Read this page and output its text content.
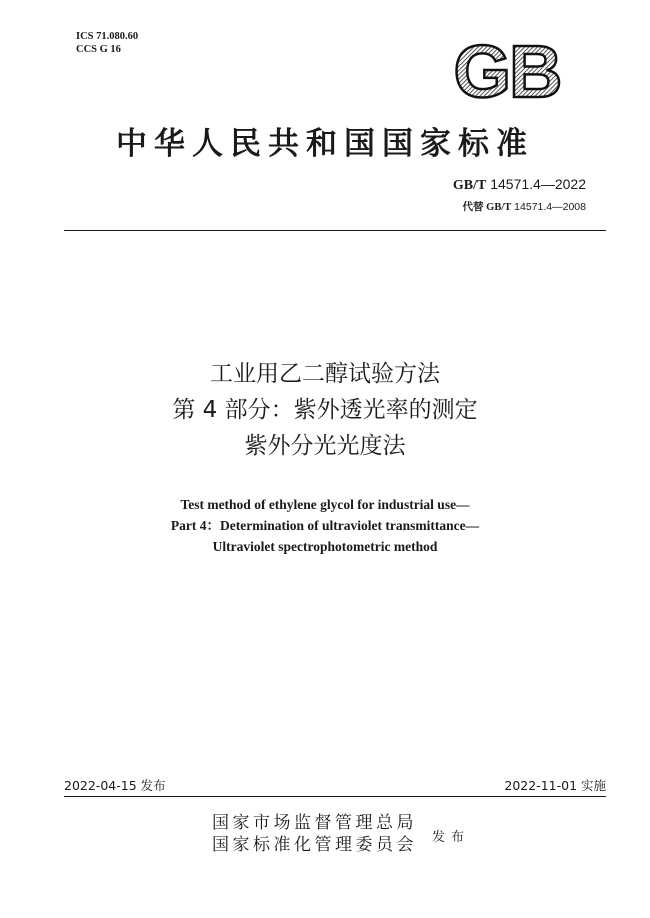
ICS 71.080.60
CCS G 16	GB
中华人民共和国国家标准
GB/T 14571.4—2022
代替 GB/T 14571.4—2008
工业用乙二醇试验方法
第 4 部分：紫外透光率的测定
紫外分光光度法
Test method of ethylene glycol for industrial use—
Part 4：Determination of ultraviolet transmittance—
Ultraviolet spectrophotometric method
2022-04-15 发布	2022-11-01 实施
国家市场监督管理总局
国家标准化管理委员会 发布
